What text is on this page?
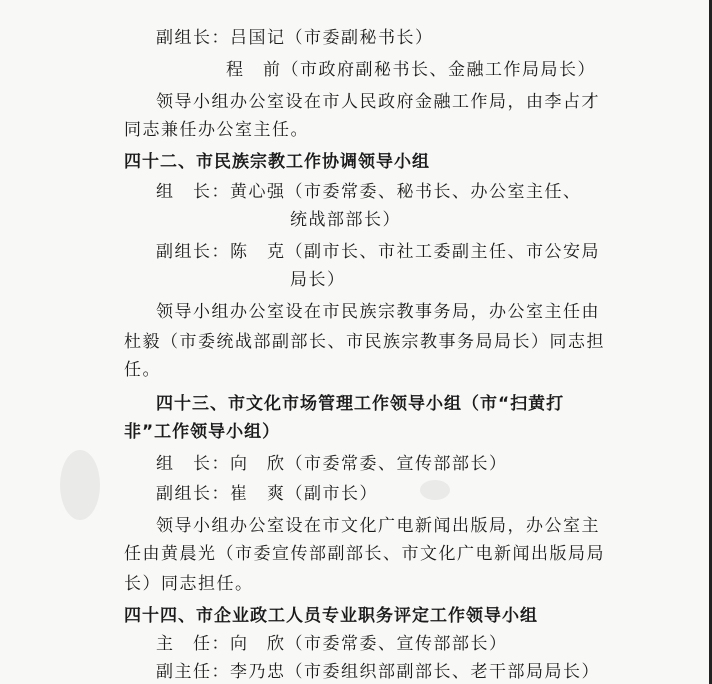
副组长：吕国记（市委副秘书长）
程　前（市政府副秘书长、金融工作局局长）
领导小组办公室设在市人民政府金融工作局，由李占才
同志兼任办公室主任。
四十二、市民族宗教工作协调领导小组
组　长：黄心强（市委常委、秘书长、办公室主任、
统战部部长）
副组长：陈　克（副市长、市社工委副主任、市公安局
局长）
领导小组办公室设在市民族宗教事务局，办公室主任由
杜毅（市委统战部副部长、市民族宗教事务局局长）同志担
任。
四十三、市文化市场管理工作领导小组（市“扫黄打
非”工作领导小组）
组　长：向　欣（市委常委、宣传部部长）
副组长：崔　爽（副市长）
领导小组办公室设在市文化广电新闻出版局，办公室主
任由黄晨光（市委宣传部副部长、市文化广电新闻出版局局
长）同志担任。
四十四、市企业政工人员专业职务评定工作领导小组
主　任：向　欣（市委常委、宣传部部长）
副主任：李乃忠（市委组织部副部长、老干部局局长）
